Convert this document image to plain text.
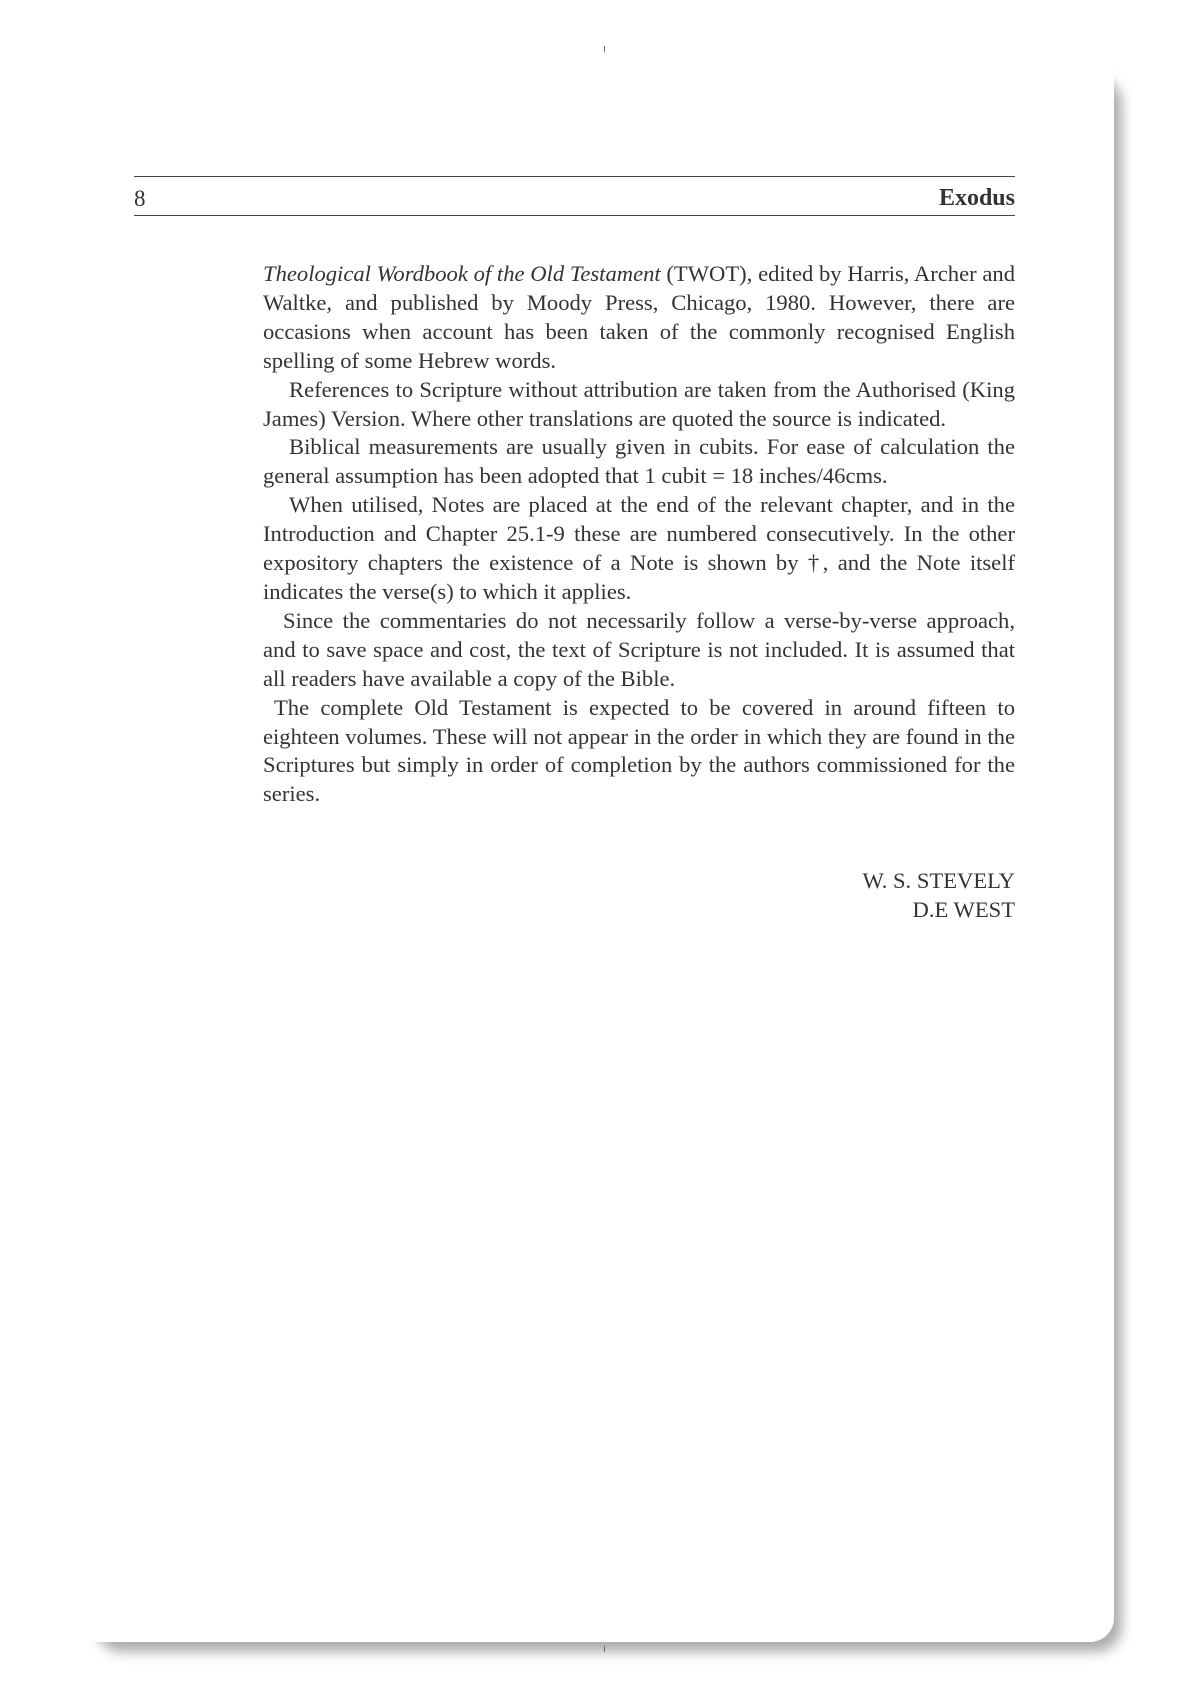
8	Exodus

Theological Wordbook of the Old Testament (TWOT), edited by Harris, Archer and Waltke, and published by Moody Press, Chicago, 1980. However, there are occasions when account has been taken of the commonly recognised English spelling of some Hebrew words.

References to Scripture without attribution are taken from the Authorised (King James) Version. Where other translations are quoted the source is indicated.

Biblical measurements are usually given in cubits. For ease of calculation the general assumption has been adopted that 1 cubit = 18 inches/46cms.

When utilised, Notes are placed at the end of the relevant chapter, and in the Introduction and Chapter 25.1-9 these are numbered consecutively. In the other expository chapters the existence of a Note is shown by †, and the Note itself indicates the verse(s) to which it applies.

Since the commentaries do not necessarily follow a verse-by-verse approach, and to save space and cost, the text of Scripture is not included. It is assumed that all readers have available a copy of the Bible.

The complete Old Testament is expected to be covered in around fifteen to eighteen volumes. These will not appear in the order in which they are found in the Scriptures but simply in order of completion by the authors commissioned for the series.

W. S. STEVELY
D.E WEST
